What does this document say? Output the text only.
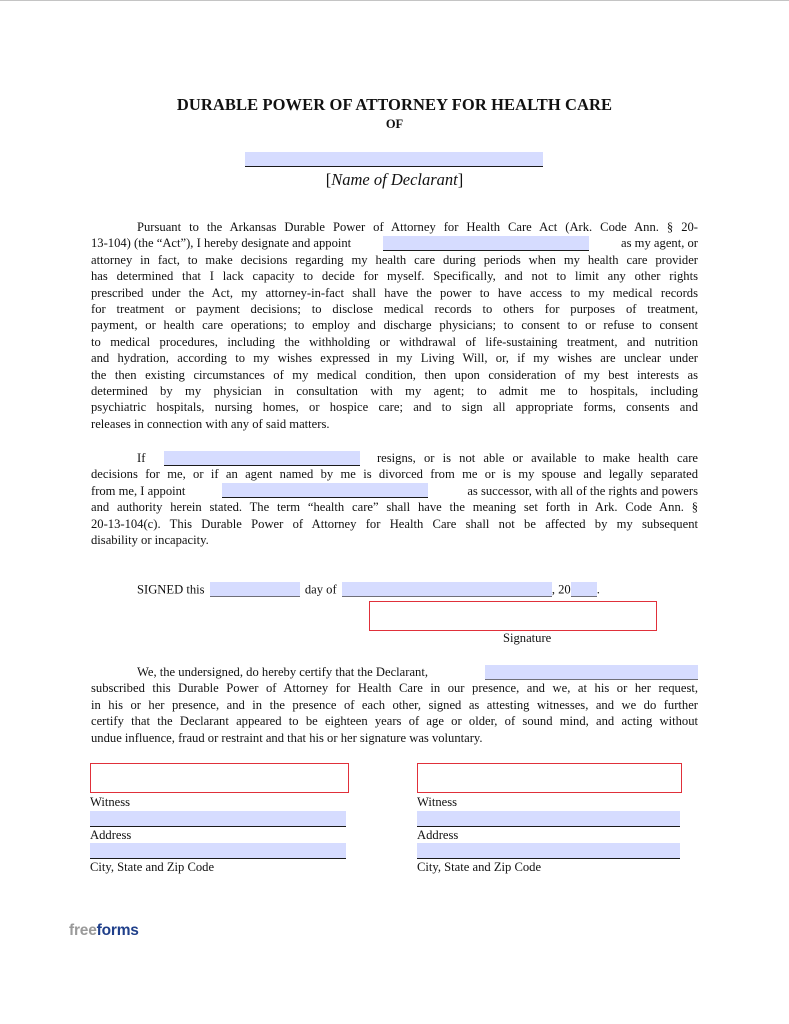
DURABLE POWER OF ATTORNEY FOR HEALTH CARE
OF
[Name of Declarant]
Pursuant to the Arkansas Durable Power of Attorney for Health Care Act (Ark. Code Ann. § 20-
13-104) (the “Act”), I hereby designate and appoint	as my agent, or
attorney in fact, to make decisions regarding my health care during periods when my health care provider
has determined that I lack capacity to decide for myself. Specifically, and not to limit any other rights
prescribed under the Act, my attorney-in-fact shall have the power to have access to my medical records
for treatment or payment decisions; to disclose medical records to others for purposes of treatment,
payment, or health care operations; to employ and discharge physicians; to consent to or refuse to consent
to medical procedures, including the withholding or withdrawal of life-sustaining treatment, and nutrition
and hydration, according to my wishes expressed in my Living Will, or, if my wishes are unclear under
the then existing circumstances of my medical condition, then upon consideration of my best interests as
determined by my physician in consultation with my agent; to admit me to hospitals, including
psychiatric hospitals, nursing homes, or hospice care; and to sign all appropriate forms, consents and
releases in connection with any of said matters.
If	resigns, or is not able or available to make health care
decisions for me, or if an agent named by me is divorced from me or is my spouse and legally separated
from me, I appoint	as successor, with all of the rights and powers
and authority herein stated. The term “health care” shall have the meaning set forth in Ark. Code Ann. §
20-13-104(c). This Durable Power of Attorney for Health Care shall not be affected by my subsequent
disability or incapacity.
SIGNED this	day of	, 20 .
Signature
We, the undersigned, do hereby certify that the Declarant,
subscribed this Durable Power of Attorney for Health Care in our presence, and we, at his or her request,
in his or her presence, and in the presence of each other, signed as attesting witnesses, and we do further
certify that the Declarant appeared to be eighteen years of age or older, of sound mind, and acting without
undue influence, fraud or restraint and that his or her signature was voluntary.
Witness
Address
City, State and Zip Code
Witness
Address
City, State and Zip Code
freeforms
